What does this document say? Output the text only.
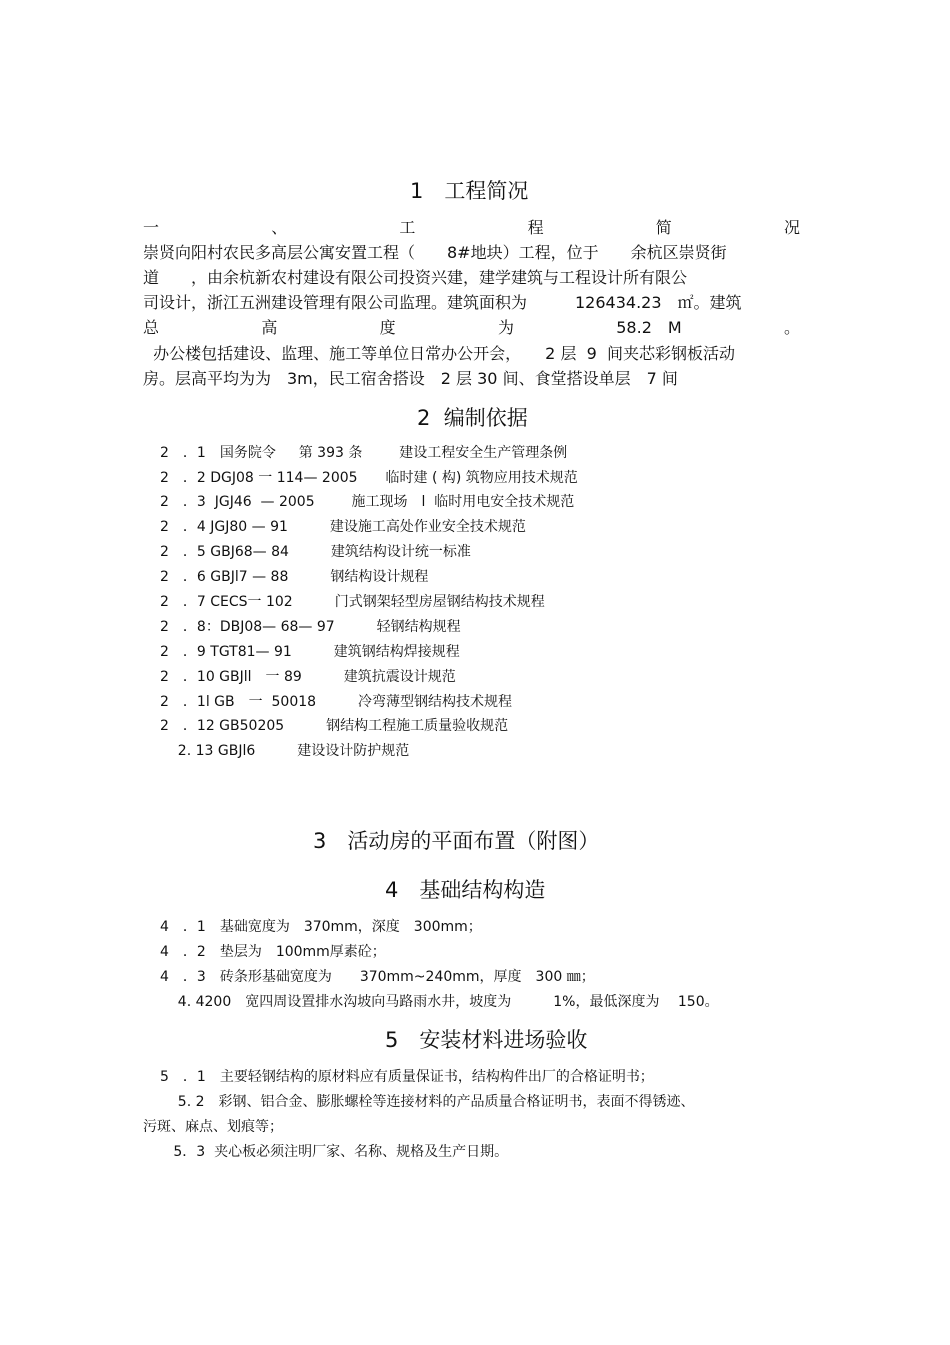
1　工程简况
一	、	工	程	简	况
崇贤向阳村农民多高层公寓安置工程（　　8#地块）工程，位于　　余杭区崇贤街
道　　，由余杭新农村建设有限公司投资兴建，建学建筑与工程设计所有限公
司设计，浙江五洲建设管理有限公司监理。建筑面积为　　　126434.23　㎡。建筑
总	高	度	为	58.2　M	。
办公楼包括建设、监理、施工等单位日常办公开会，　　2 层  9  间夹芯彩钢板活动
房。层高平均为为　3m，民工宿舍搭设　2 层 30 间、食堂搭设单层　7 间
2  编制依据
2　．1　国务院令　  第 393 条　　  建设工程安全生产管理条例
2　．2 DGJ08 一 114— 2005　　临时建 ( 构) 筑物应用技术规范
2　．3  JGJ46  — 2005　　  施工现场　l  临时用电安全技术规范
2　．4 JGJ80 — 91　　　建设施工高处作业安全技术规范
2　．5 GBJ68— 84　　　建筑结构设计统一标准
2　．6 GBJl7 — 88　　　钢结构设计规程
2　．7 CECS一 102　　　门式钢架轻型房屋钢结构技术规程
2　．8：DBJ08— 68— 97　　　轻钢结构规程
2　．9 TGT81— 91　　　建筑钢结构焊接规程
2　．10 GBJll　一 89　　　建筑抗震设计规范
2　．1l GB　一  50018　　　冷弯薄型钢结构技术规程
2　．12 GB50205　　　钢结构工程施工质量验收规范
2. 13 GBJl6　　　建设设计防护规范
3　活动房的平面布置（附图）
4　基础结构构造
4　．1　基础宽度为　370mm，深度　300mm；
4　．2　垫层为　100mm厚素砼；
4　．3　砖条形基础宽度为　　370mm~240mm，厚度　300 ㎜；
4. 4200　宽四周设置排水沟坡向马路雨水井，坡度为　　　1%，最低深度为　 150。
5　安装材料进场验收
5　．1　主要轻钢结构的原材料应有质量保证书，结构构件出厂的合格证明书；
5. 2　彩钢、铝合金、膨胀螺栓等连接材料的产品质量合格证明书，表面不得锈迹、
污斑、麻点、划痕等；
5．3  夹心板必须注明厂家、名称、规格及生产日期。
